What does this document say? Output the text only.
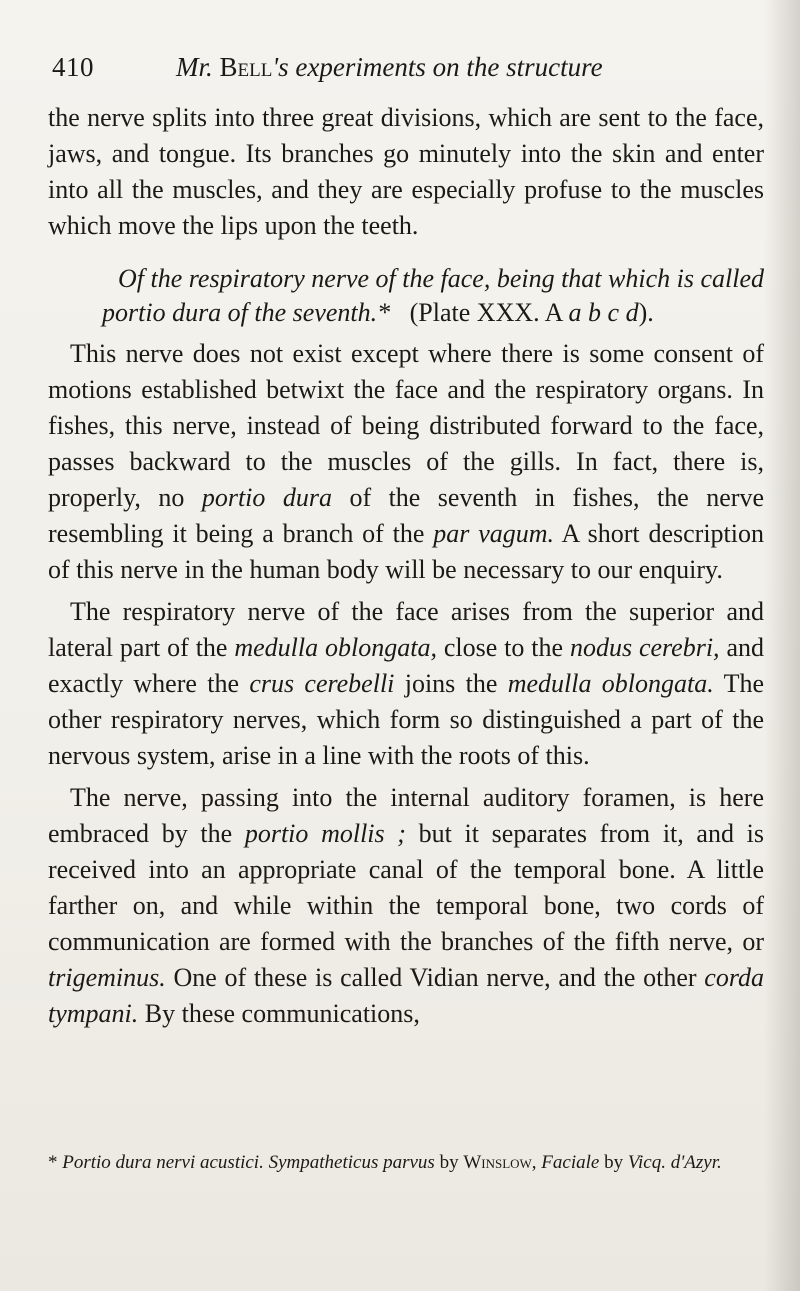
410	Mr. Bell's experiments on the structure

the nerve splits into three great divisions, which are sent to the face, jaws, and tongue. Its branches go minutely into the skin and enter into all the muscles, and they are especially profuse to the muscles which move the lips upon the teeth.

Of the respiratory nerve of the face, being that which is called
portio dura of the seventh.* (Plate XXX. A a b c d).

This nerve does not exist except where there is some consent of motions established betwixt the face and the respiratory organs. In fishes, this nerve, instead of being distributed forward to the face, passes backward to the muscles of the gills. In fact, there is, properly, no portio dura of the seventh in fishes, the nerve resembling it being a branch of the par vagum. A short description of this nerve in the human body will be necessary to our enquiry.

The respiratory nerve of the face arises from the superior and lateral part of the medulla oblongata, close to the nodus cerebri, and exactly where the crus cerebelli joins the medulla oblongata. The other respiratory nerves, which form so distinguished a part of the nervous system, arise in a line with the roots of this.

The nerve, passing into the internal auditory foramen, is here embraced by the portio mollis ; but it separates from it, and is received into an appropriate canal of the temporal bone. A little farther on, and while within the temporal bone, two cords of communication are formed with the branches of the fifth nerve, or trigeminus. One of these is called Vidian nerve, and the other corda tympani. By these communications,

* Portio dura nervi acustici. Sympatheticus parvus by Winslow, Faciale by Vicq. d'Azyr.
